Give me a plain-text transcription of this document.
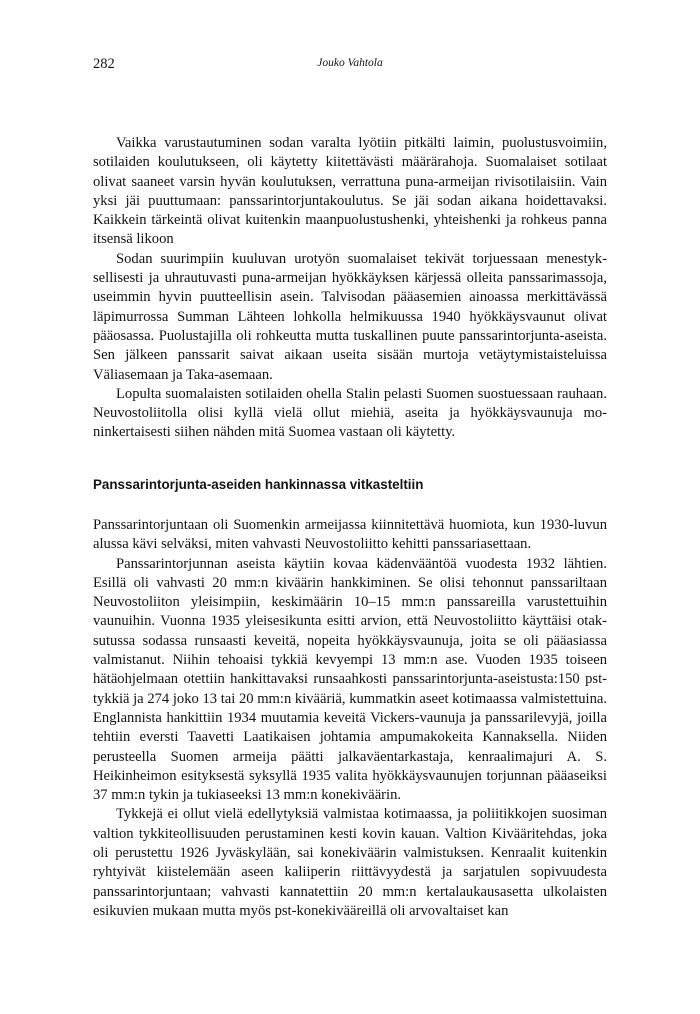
282	Jouko Vahtola

Vaikka varustautuminen sodan varalta lyötiin pitkälti laimin, puolustusvoimiin, sotilaiden koulutukseen, oli käytetty kiitettävästi määrärahoja. Suomalaiset sotilaat olivat saaneet varsin hyvän koulutuksen, verrattuna puna-armeijan rivisotilaisiin. Vain yksi jäi puuttumaan: panssarintorjuntakoulutus. Se jäi sodan aikana hoidettavaksi. Kaikkein tärkeintä olivat kuitenkin maanpuolustushenki, yhteishenki ja rohkeus panna itsensä likoon

Sodan suurimpiin kuuluvan urotyön suomalaiset tekivät torjuessaan menestyksellisesti ja uhrautuvasti puna-armeijan hyökkäyksen kärjessä olleita panssarimassoja, useimmin hyvin puutteellisin asein. Talvisodan pääasemien ainoassa merkittävässä läpimurrossa Summan Lähteen lohkolla helmikuussa 1940 hyökkäysvaunut olivat pääosassa. Puolustajilla oli rohkeutta mutta tuskallinen puute panssarintorjunta-aseista. Sen jälkeen panssarit saivat aikaan useita sisään murtoja vetäytymistaisteluissa Väliasemaan ja Taka-asemaan.

Lopulta suomalaisten sotilaiden ohella Stalin pelasti Suomen suostuessaan rauhaan. Neuvostoliitolla olisi kyllä vielä ollut miehiä, aseita ja hyökkäysvaunuja moninkertaisesti siihen nähden mitä Suomea vastaan oli käytetty.

Panssarintorjunta-aseiden hankinnassa vitkasteltiin

Panssarintorjuntaan oli Suomenkin armeijassa kiinnitettävä huomiota, kun 1930-luvun alussa kävi selväksi, miten vahvasti Neuvostoliitto kehitti panssariasettaan.

Panssarintorjunnan aseista käytiin kovaa kädenvääntöä vuodesta 1932 lähtien. Esillä oli vahvasti 20 mm:n kiväärin hankkiminen. Se olisi tehonnut panssariltaan Neuvostoliiton yleisimpiin, keskimäärin 10–15 mm:n panssareilla varustettuihin vaunuihin. Vuonna 1935 yleisesikunta esitti arvion, että Neuvostoliitto käyttäisi otaksutussa sodassa runsaasti keveitä, nopeita hyökkäysvaunuja, joita se oli pääasiassa valmistanut. Niihin tehoaisi tykkiä kevyempi 13 mm:n ase. Vuoden 1935 toiseen hätäohjelmaan otettiin hankittavaksi runsaahkosti panssarintorjunta-aseistusta:150 pst-tykkiä ja 274 joko 13 tai 20 mm:n kivääriä, kummatkin aseet kotimaassa valmistettuina. Englannista hankittiin 1934 muutamia keveitä Vickers-vaunuja ja panssarilevyjä, joilla tehtiin eversti Taavetti Laatikaisen johtamia ampumakokeita Kannaksella. Niiden perusteella Suomen armeija päätti jalkaväentarkastaja, kenraalimajuri A. S. Heikinheimon esityksestä syksyllä 1935 valita hyökkäysvaunujen torjunnan pääaseiksi 37 mm:n tykin ja tukiaseeksi 13 mm:n konekiväärin.

Tykkejä ei ollut vielä edellytyksiä valmistaa kotimaassa, ja poliitikkojen suosiman valtion tykkiteollisuuden perustaminen kesti kovin kauan. Valtion Kivääritehdas, joka oli perustettu 1926 Jyväskylään, sai konekiväärin valmistuksen. Kenraalit kuitenkin ryhtyivät kiistelemään aseen kaliiperin riittävyydestä ja sarjatulen sopivuudesta panssarintorjuntaan; vahvasti kannatettiin 20 mm:n kertalaukausasetta ulkolaisten esikuvien mukaan mutta myös pst-konekivääreillä oli arvovaltaiset kan
